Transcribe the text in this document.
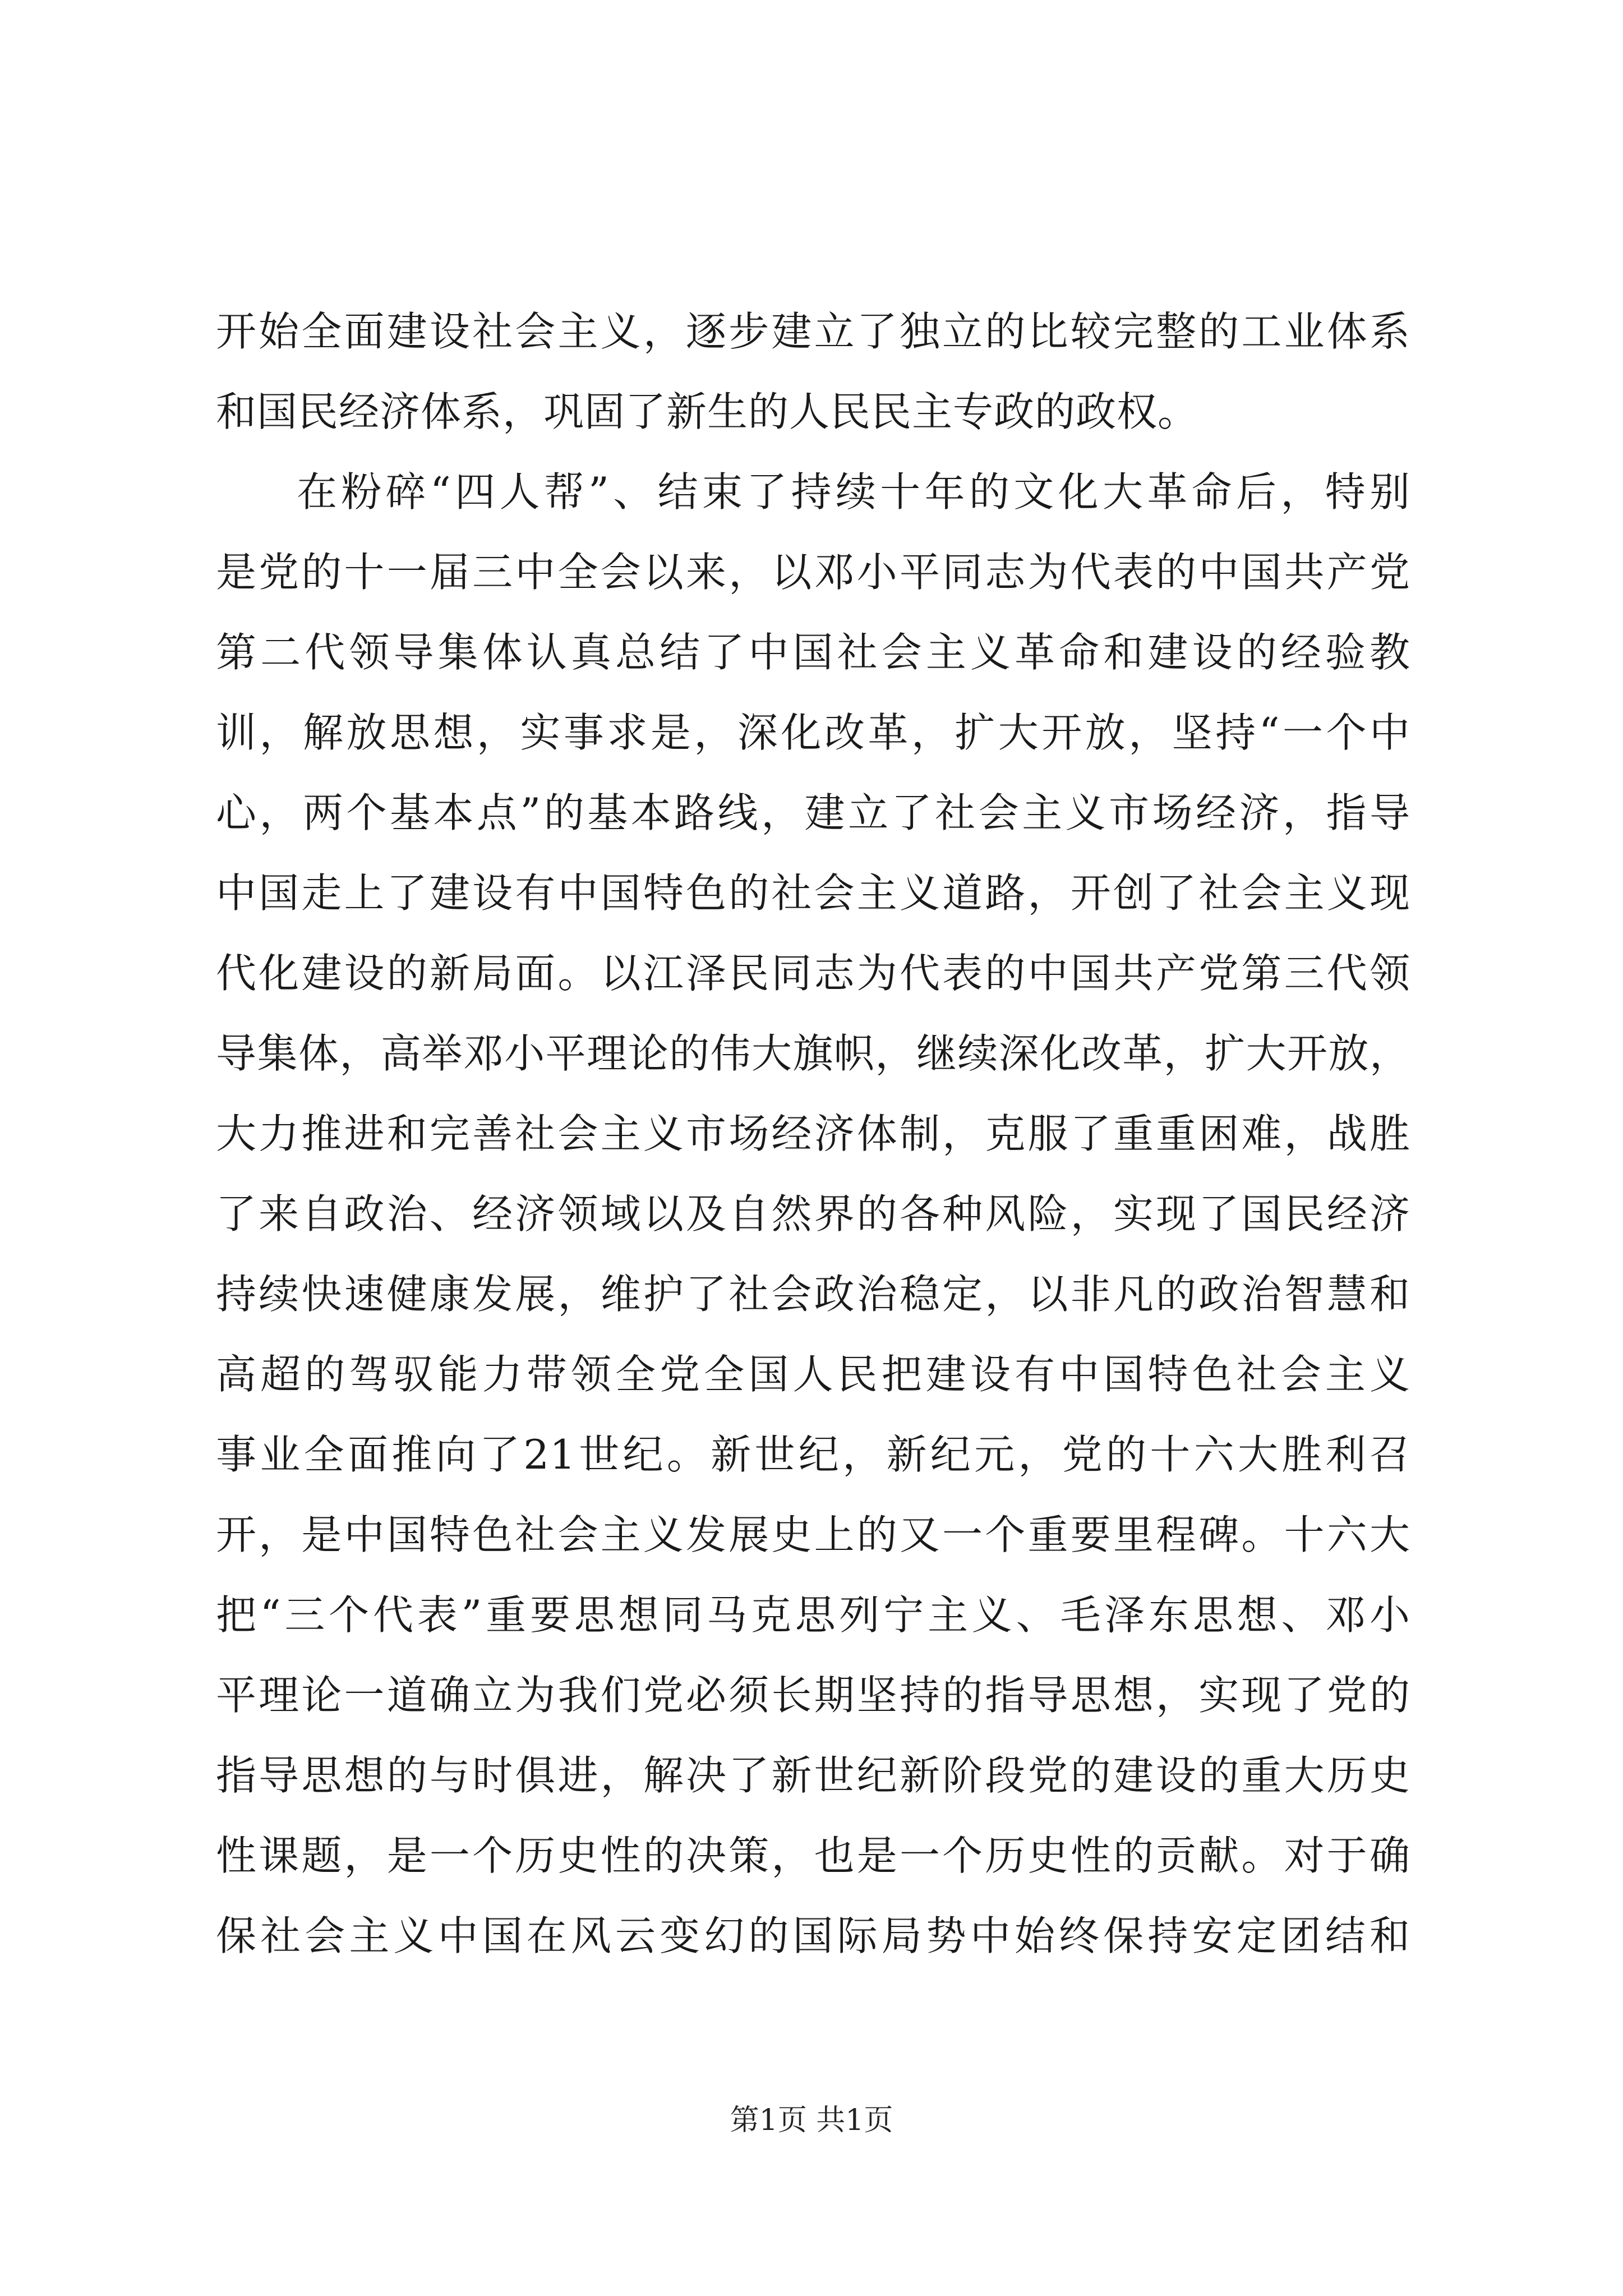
开始全面建设社会主义，逐步建立了独立的比较完整的工业体系
和国民经济体系，巩固了新生的人民民主专政的政权。
在粉碎“四人帮”、结束了持续十年的文化大革命后，特别
是党的十一届三中全会以来，以邓小平同志为代表的中国共产党
第二代领导集体认真总结了中国社会主义革命和建设的经验教
训，解放思想，实事求是，深化改革，扩大开放，坚持“一个中
心，两个基本点”的基本路线，建立了社会主义市场经济，指导
中国走上了建设有中国特色的社会主义道路，开创了社会主义现
代化建设的新局面。以江泽民同志为代表的中国共产党第三代领
导集体，高举邓小平理论的伟大旗帜，继续深化改革，扩大开放，
大力推进和完善社会主义市场经济体制，克服了重重困难，战胜
了来自政治、经济领域以及自然界的各种风险，实现了国民经济
持续快速健康发展，维护了社会政治稳定，以非凡的政治智慧和
高超的驾驭能力带领全党全国人民把建设有中国特色社会主义
事业全面推向了21世纪。新世纪，新纪元，党的十六大胜利召
开，是中国特色社会主义发展史上的又一个重要里程碑。十六大
把“三个代表”重要思想同马克思列宁主义、毛泽东思想、邓小
平理论一道确立为我们党必须长期坚持的指导思想，实现了党的
指导思想的与时俱进，解决了新世纪新阶段党的建设的重大历史
性课题，是一个历史性的决策，也是一个历史性的贡献。对于确
保社会主义中国在风云变幻的国际局势中始终保持安定团结和
第1页 共1页
